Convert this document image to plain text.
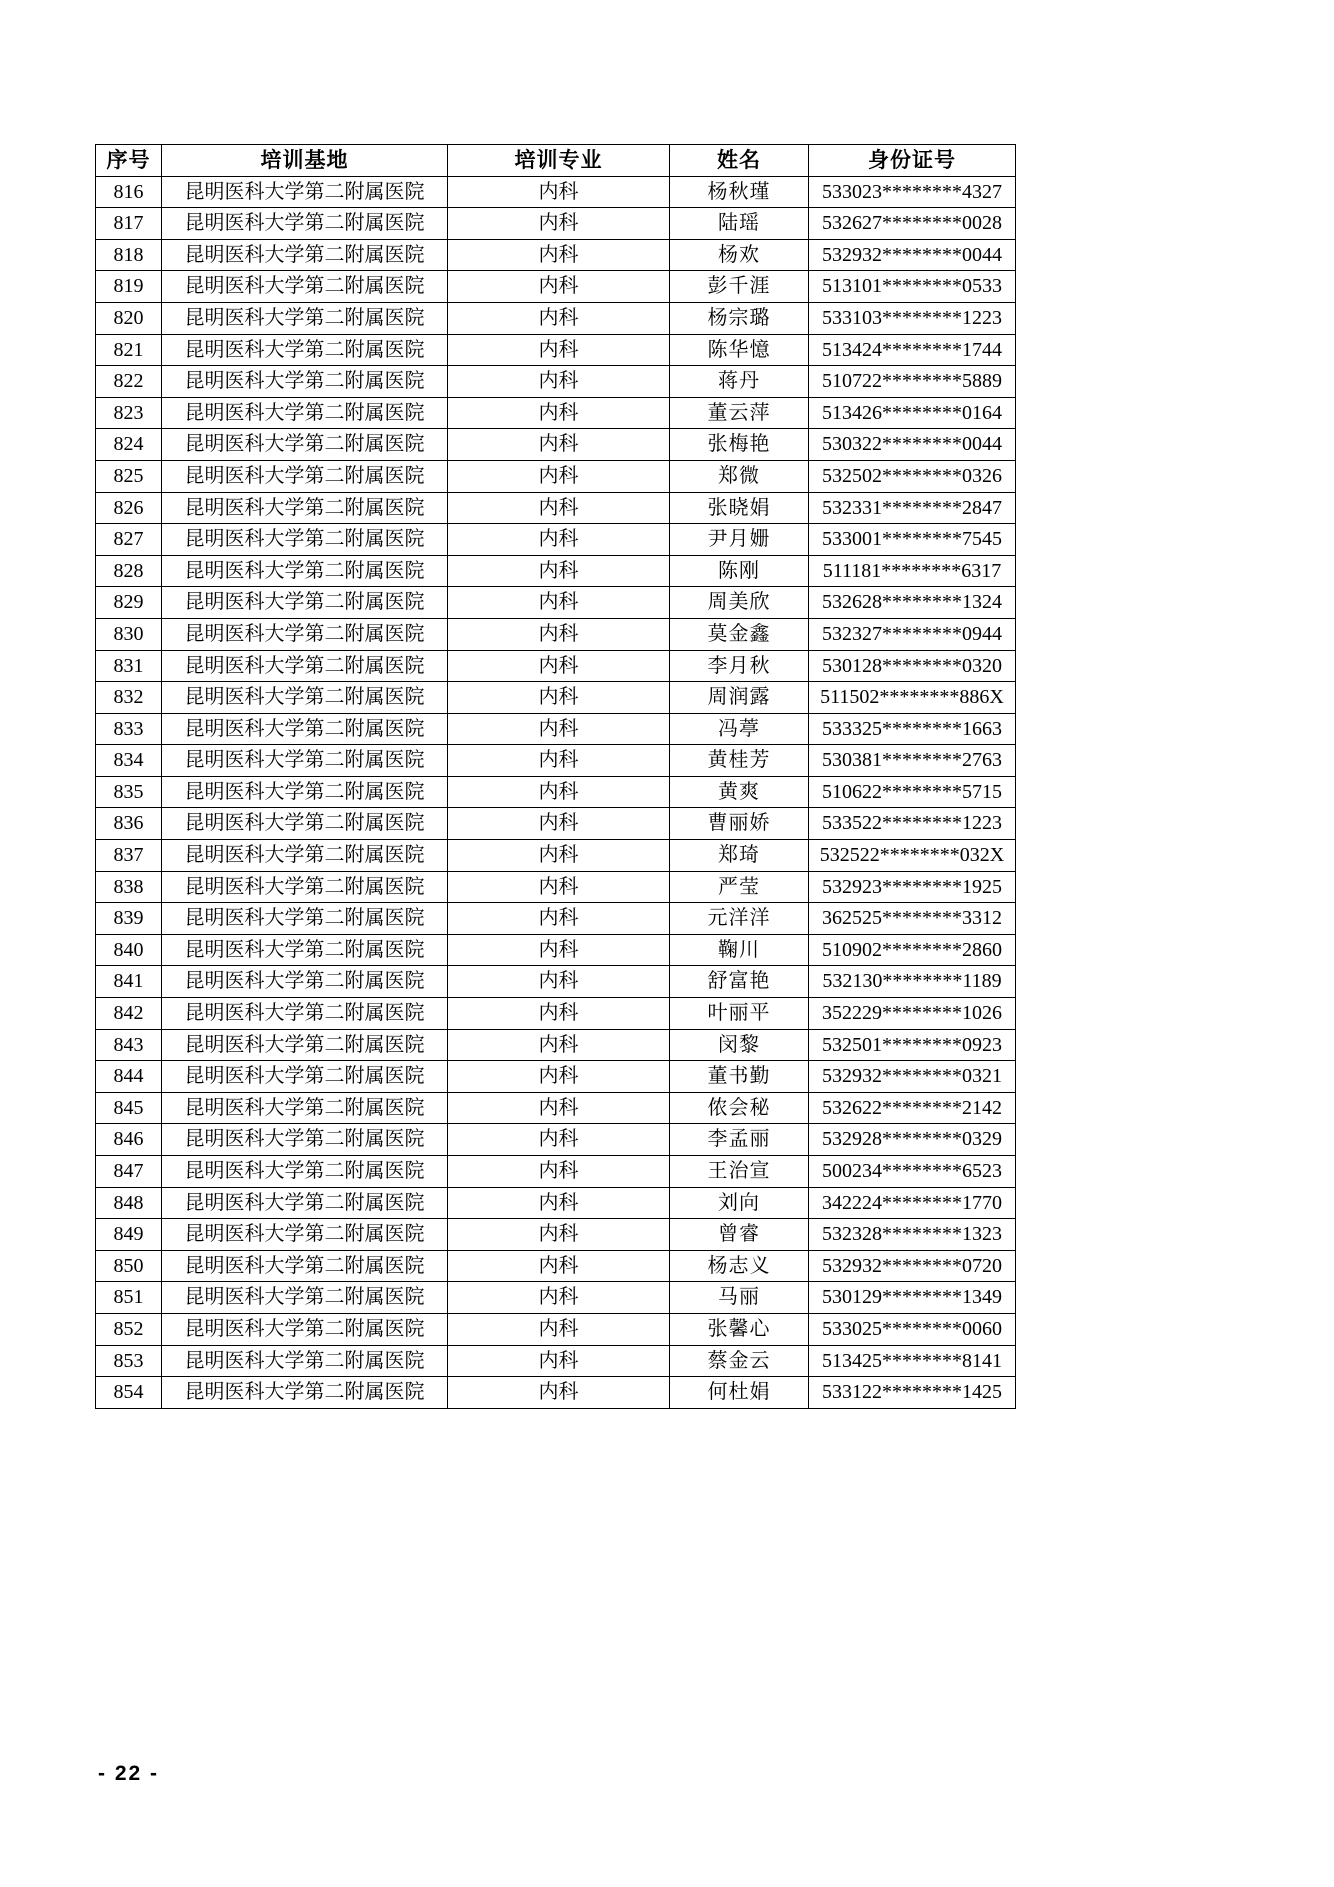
序号	培训基地	培训专业	姓名	身份证号
816	昆明医科大学第二附属医院	内科	杨秋瑾	533023********4327
817	昆明医科大学第二附属医院	内科	陆瑶	532627********0028
818	昆明医科大学第二附属医院	内科	杨欢	532932********0044
819	昆明医科大学第二附属医院	内科	彭千涯	513101********0533
820	昆明医科大学第二附属医院	内科	杨宗璐	533103********1223
821	昆明医科大学第二附属医院	内科	陈华憶	513424********1744
822	昆明医科大学第二附属医院	内科	蒋丹	510722********5889
823	昆明医科大学第二附属医院	内科	董云萍	513426********0164
824	昆明医科大学第二附属医院	内科	张梅艳	530322********0044
825	昆明医科大学第二附属医院	内科	郑微	532502********0326
826	昆明医科大学第二附属医院	内科	张晓娟	532331********2847
827	昆明医科大学第二附属医院	内科	尹月姗	533001********7545
828	昆明医科大学第二附属医院	内科	陈刚	511181********6317
829	昆明医科大学第二附属医院	内科	周美欣	532628********1324
830	昆明医科大学第二附属医院	内科	莫金鑫	532327********0944
831	昆明医科大学第二附属医院	内科	李月秋	530128********0320
832	昆明医科大学第二附属医院	内科	周润露	511502********886X
833	昆明医科大学第二附属医院	内科	冯葶	533325********1663
834	昆明医科大学第二附属医院	内科	黄桂芳	530381********2763
835	昆明医科大学第二附属医院	内科	黄爽	510622********5715
836	昆明医科大学第二附属医院	内科	曹丽娇	533522********1223
837	昆明医科大学第二附属医院	内科	郑琦	532522********032X
838	昆明医科大学第二附属医院	内科	严莹	532923********1925
839	昆明医科大学第二附属医院	内科	元洋洋	362525********3312
840	昆明医科大学第二附属医院	内科	鞠川	510902********2860
841	昆明医科大学第二附属医院	内科	舒富艳	532130********1189
842	昆明医科大学第二附属医院	内科	叶丽平	352229********1026
843	昆明医科大学第二附属医院	内科	闵黎	532501********0923
844	昆明医科大学第二附属医院	内科	董书勤	532932********0321
845	昆明医科大学第二附属医院	内科	侬会秘	532622********2142
846	昆明医科大学第二附属医院	内科	李孟丽	532928********0329
847	昆明医科大学第二附属医院	内科	王治宣	500234********6523
848	昆明医科大学第二附属医院	内科	刘向	342224********1770
849	昆明医科大学第二附属医院	内科	曾睿	532328********1323
850	昆明医科大学第二附属医院	内科	杨志义	532932********0720
851	昆明医科大学第二附属医院	内科	马丽	530129********1349
852	昆明医科大学第二附属医院	内科	张馨心	533025********0060
853	昆明医科大学第二附属医院	内科	蔡金云	513425********8141
854	昆明医科大学第二附属医院	内科	何杜娟	533122********1425
- 22 -
